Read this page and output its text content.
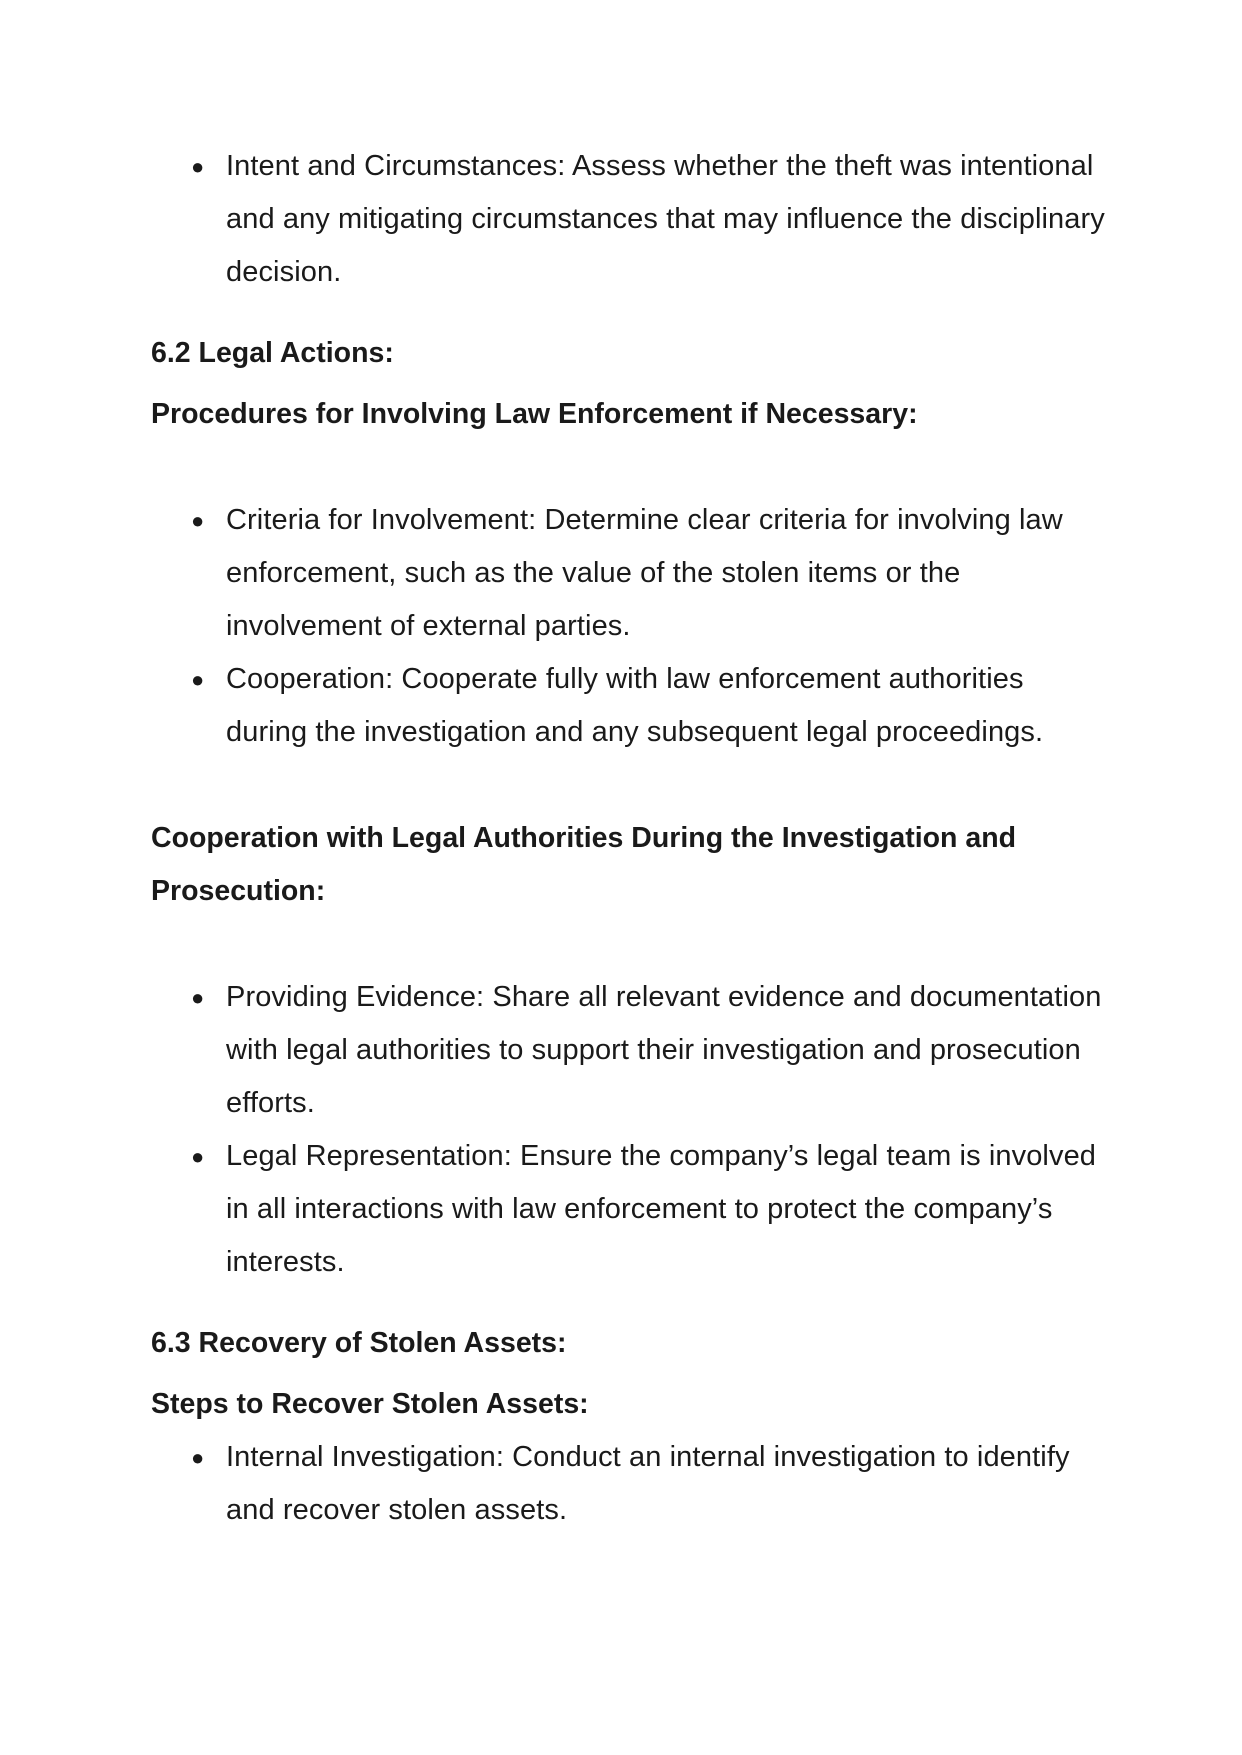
● Intent and Circumstances: Assess whether the theft was intentional and any mitigating circumstances that may influence the disciplinary decision.
6.2 Legal Actions:
Procedures for Involving Law Enforcement if Necessary:
● Criteria for Involvement: Determine clear criteria for involving law enforcement, such as the value of the stolen items or the involvement of external parties.
● Cooperation: Cooperate fully with law enforcement authorities during the investigation and any subsequent legal proceedings.
Cooperation with Legal Authorities During the Investigation and Prosecution:
● Providing Evidence: Share all relevant evidence and documentation with legal authorities to support their investigation and prosecution efforts.
● Legal Representation: Ensure the company’s legal team is involved in all interactions with law enforcement to protect the company’s interests.
6.3 Recovery of Stolen Assets:
Steps to Recover Stolen Assets:
● Internal Investigation: Conduct an internal investigation to identify and recover stolen assets.
